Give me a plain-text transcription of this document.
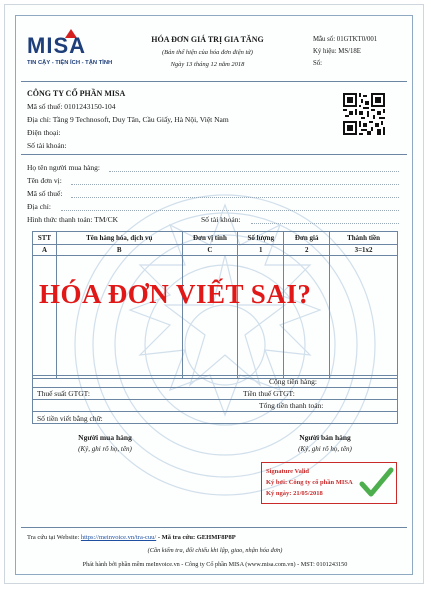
MISA
TIN CẬY - TIỆN ÍCH - TẬN TÌNH
HÓA ĐƠN GIÁ TRỊ GIA TĂNG
(Bản thể hiện của hóa đơn điện tử)
Ngày 13 tháng 12 năm 2018
Mẫu số: 01GTKT0/001
Ký hiệu: MS/18E
Số:
CÔNG TY CỔ PHẦN MISA
Mã số thuế: 0101243150-104
Địa chỉ: Tầng 9 Technosoft, Duy Tân, Cầu Giấy, Hà Nội, Việt Nam
Điện thoại:
Số tài khoản:
Họ tên người mua hàng:
Tên đơn vị:
Mã số thuế:
Địa chỉ:
Hình thức thanh toán: TM/CK	Số tài khoản:
STT	Tên hàng hóa, dịch vụ	Đơn vị tính	Số lượng	Đơn giá	Thành tiền
A	B	C	1	2	3=1x2

HÓA ĐƠN VIẾT SAI?
Cộng tiền hàng:
Thuế suất GTGT:	Tiền thuế GTGT:
Tổng tiền thanh toán:
Số tiền viết bằng chữ:
Người mua hàng
(Ký, ghi rõ họ, tên)
Người bán hàng
(Ký, ghi rõ họ, tên)
Signature Valid
Ký bởi: Công ty cổ phần MISA
Ký ngày: 21/05/2018
Tra cứu tại Website: https://meinvoice.vn/tra-cuu/ - Mã tra cứu: GEHMF8P8P
(Cần kiểm tra, đối chiếu khi lập, giao, nhận hóa đơn)
Phát hành bởi phần mềm meInvoice.vn - Công ty Cổ phần MISA (www.misa.com.vn) - MST: 0101243150
